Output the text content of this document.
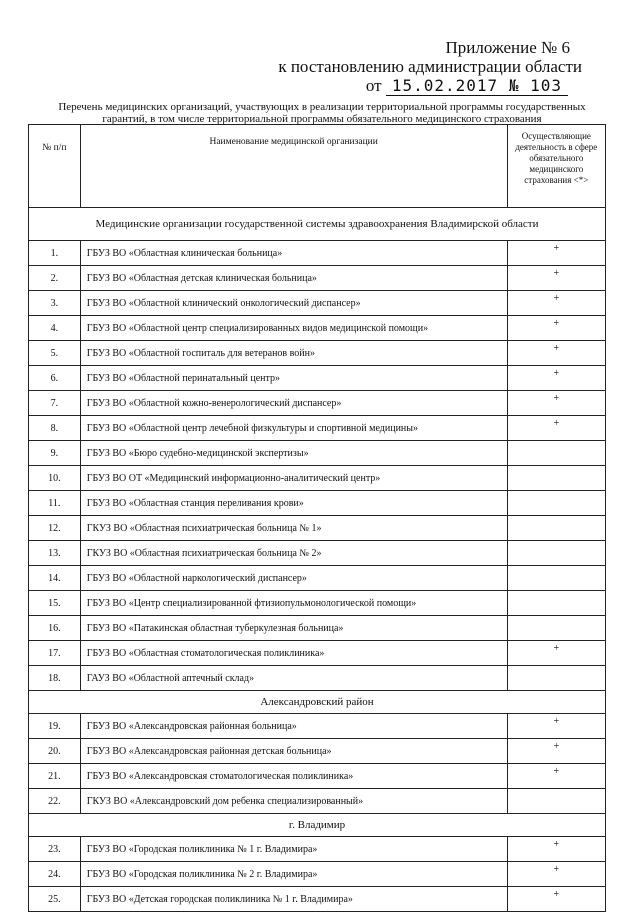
Приложение № 6
к постановлению администрации области
от 15.02.2017 № 103
Перечень медицинских организаций, участвующих в реализации территориальной программы государственных
гарантий, в том числе территориальной программы обязательного медицинского страхования
№ п/п	Наименование медицинской организации	Осуществляющие деятельность в сфере обязательного медицинского страхования <*>
Медицинские организации государственной системы здравоохранения Владимирской области		
1.	ГБУЗ ВО «Областная клиническая больница»	+
2.	ГБУЗ ВО «Областная детская клиническая больница»	+
3.	ГБУЗ ВО «Областной клинический онкологический диспансер»	+
4.	ГБУЗ ВО «Областной центр специализированных видов медицинской помощи»	+
5.	ГБУЗ ВО «Областной госпиталь для ветеранов войн»	+
6.	ГБУЗ ВО «Областной перинатальный центр»	+
7.	ГБУЗ ВО «Областной кожно-венерологический диспансер»	+
8.	ГБУЗ ВО «Областной центр лечебной физкультуры и спортивной медицины»	+
9.	ГБУЗ ВО «Бюро судебно-медицинской экспертизы»	
10.	ГБУЗ ВО ОТ «Медицинский информационно-аналитический центр»	
11.	ГБУЗ ВО «Областная станция переливания крови»	
12.	ГКУЗ ВО «Областная психиатрическая больница № 1»	
13.	ГКУЗ ВО «Областная психиатрическая больница № 2»	
14.	ГБУЗ ВО «Областной наркологический диспансер»	
15.	ГБУЗ ВО «Центр специализированной фтизиопульмонологической помощи»	
16.	ГБУЗ ВО «Патакинская областная туберкулезная больница»	
17.	ГБУЗ ВО «Областная стоматологическая поликлиника»	+
18.	ГАУЗ ВО «Областной аптечный склад»	
Александровский район		
19.	ГБУЗ ВО «Александровская районная больница»	+
20.	ГБУЗ ВО «Александровская районная детская больница»	+
21.	ГБУЗ ВО «Александровская стоматологическая поликлиника»	+
22.	ГКУЗ ВО «Александровский дом ребенка специализированный»	
г. Владимир		
23.	ГБУЗ ВО «Городская поликлиника № 1 г. Владимира»	+
24.	ГБУЗ ВО «Городская поликлиника № 2 г. Владимира»	+
25.	ГБУЗ ВО «Детская городская поликлиника № 1 г. Владимира»	+
